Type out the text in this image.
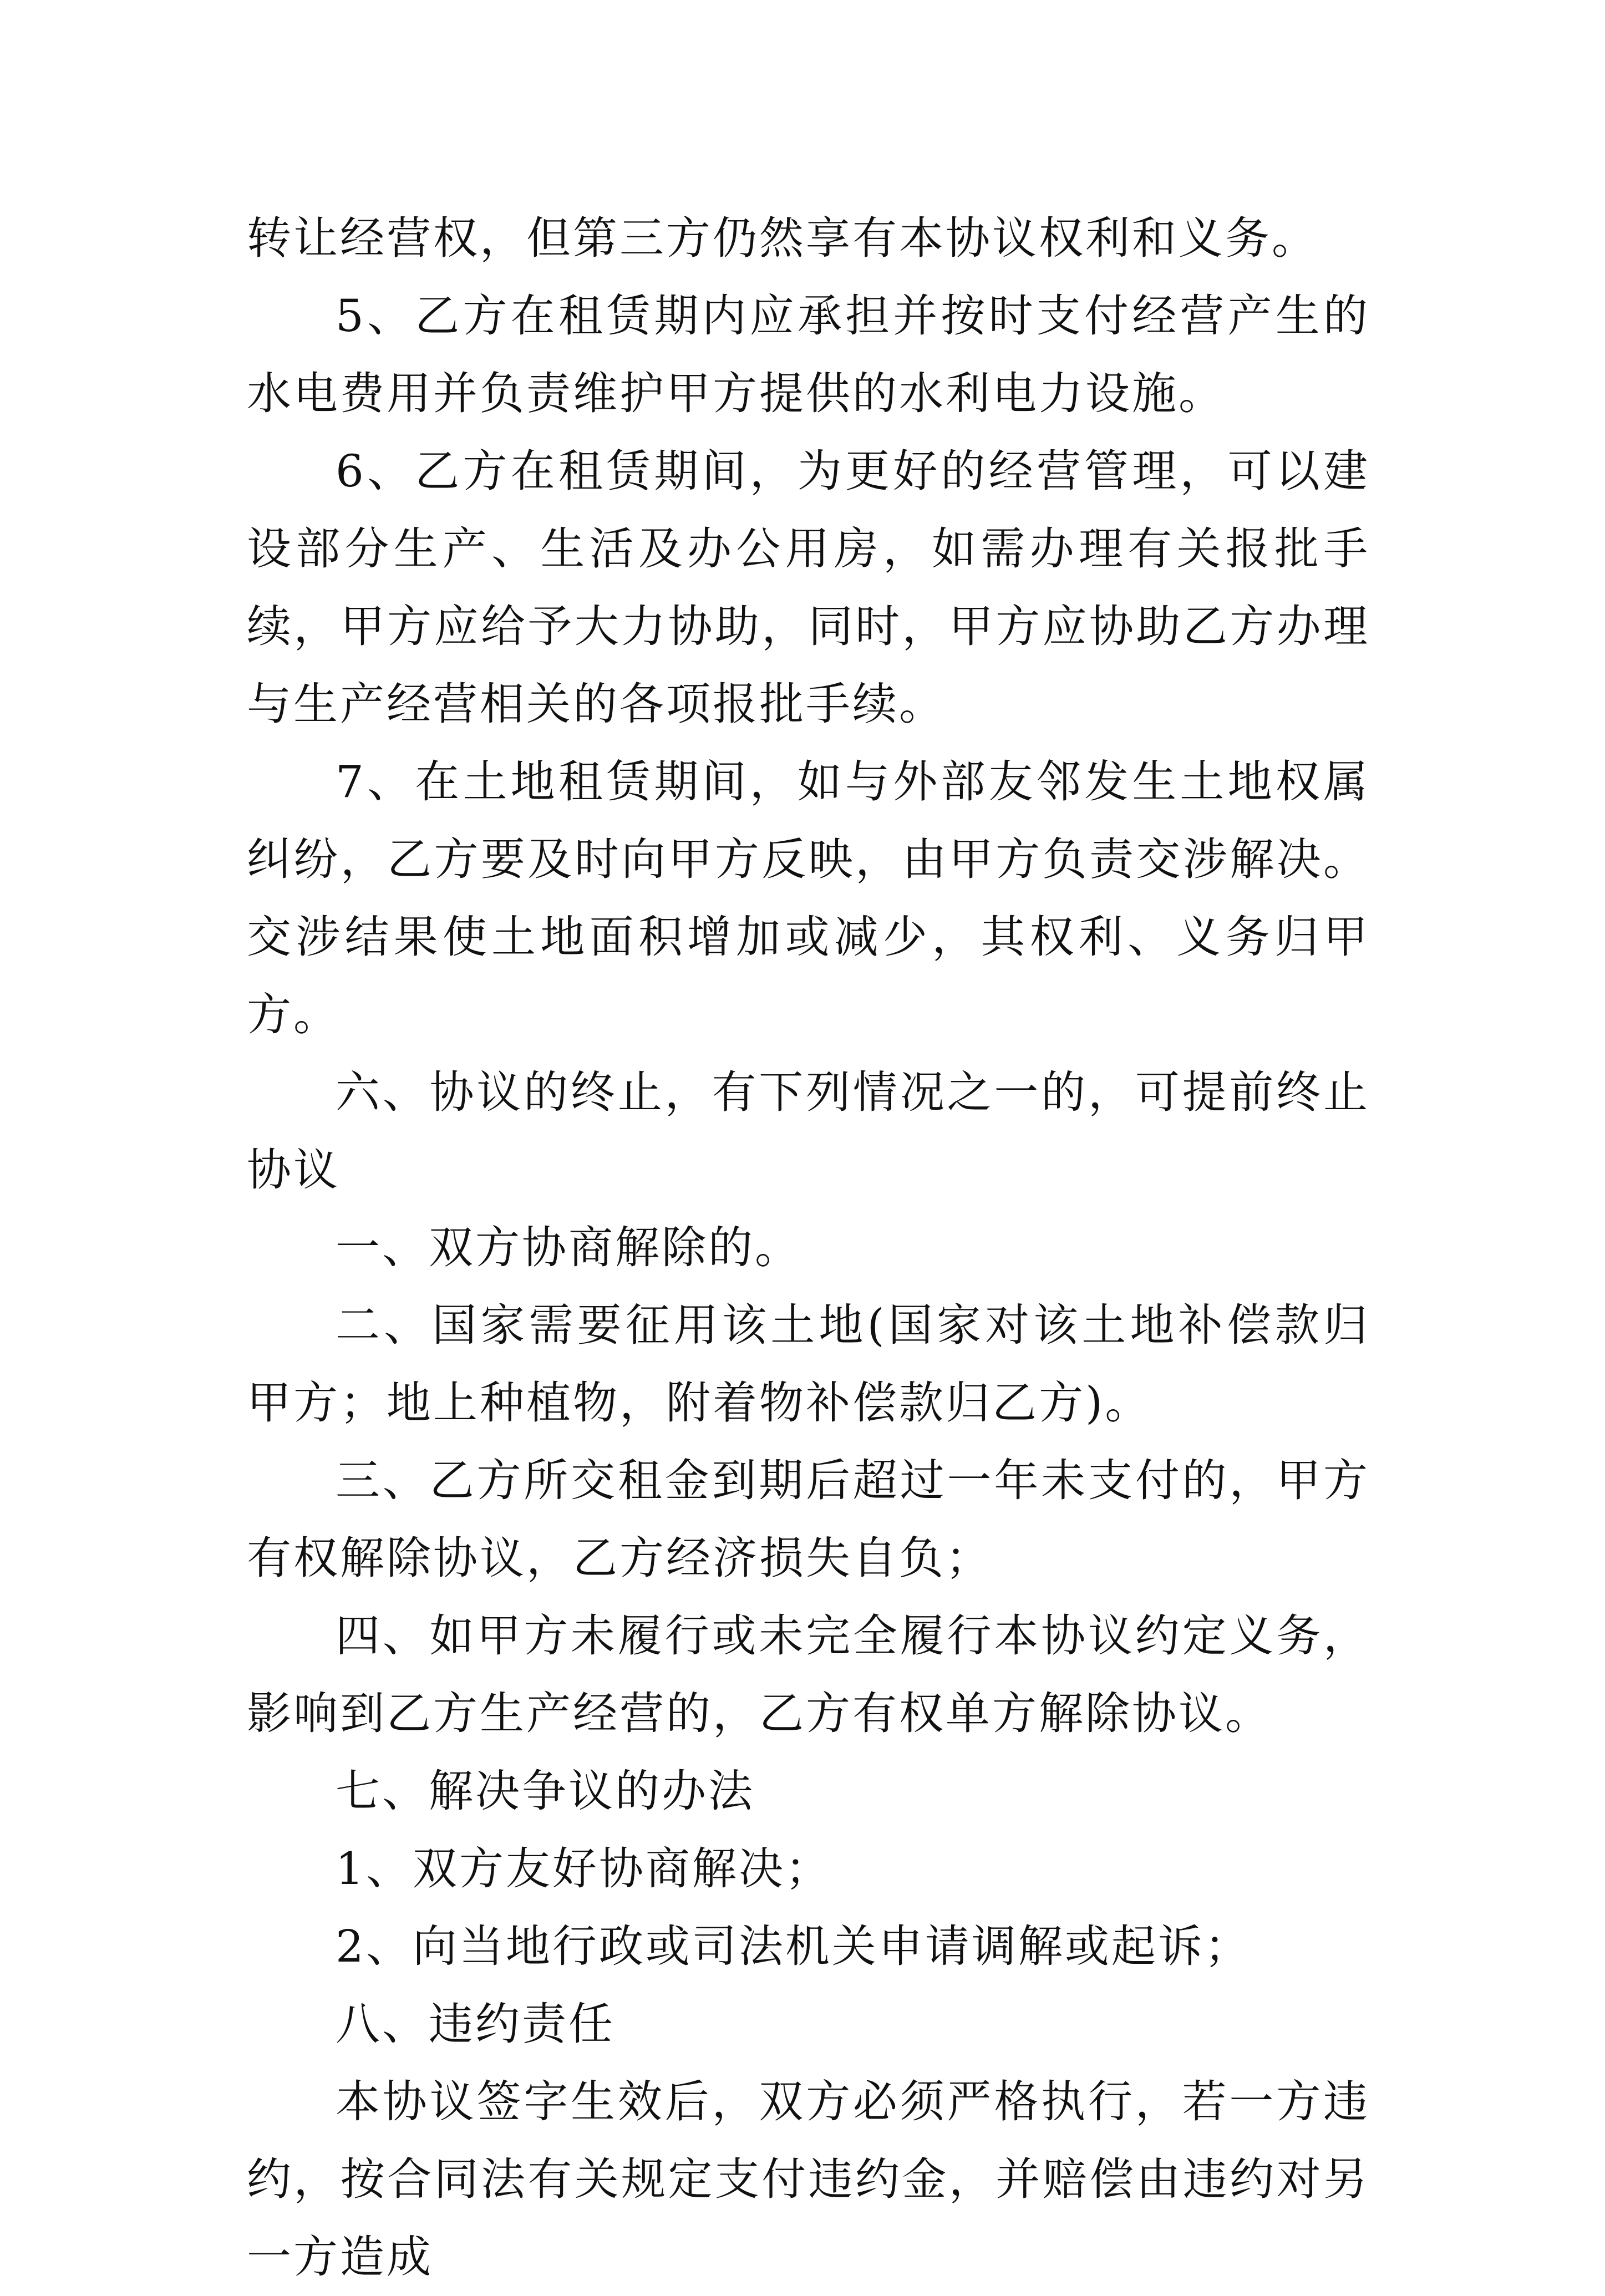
转让经营权，但第三方仍然享有本协议权利和义务。

5、乙方在租赁期内应承担并按时支付经营产生的水电费用并负责维护甲方提供的水利电力设施。

6、乙方在租赁期间，为更好的经营管理，可以建设部分生产、生活及办公用房，如需办理有关报批手续，甲方应给予大力协助，同时，甲方应协助乙方办理与生产经营相关的各项报批手续。

7、在土地租赁期间，如与外部友邻发生土地权属纠纷，乙方要及时向甲方反映，由甲方负责交涉解决。交涉结果使土地面积增加或减少，其权利、义务归甲方。

六、协议的终止，有下列情况之一的，可提前终止协议

一、双方协商解除的。

二、国家需要征用该土地(国家对该土地补偿款归甲方；地上种植物，附着物补偿款归乙方)。

三、乙方所交租金到期后超过一年未支付的，甲方有权解除协议，乙方经济损失自负；

四、如甲方未履行或未完全履行本协议约定义务，影响到乙方生产经营的，乙方有权单方解除协议。

七、解决争议的办法

1、双方友好协商解决；

2、向当地行政或司法机关申请调解或起诉；

八、违约责任

本协议签字生效后，双方必须严格执行，若一方违约，按合同法有关规定支付违约金，并赔偿由违约对另一方造成
